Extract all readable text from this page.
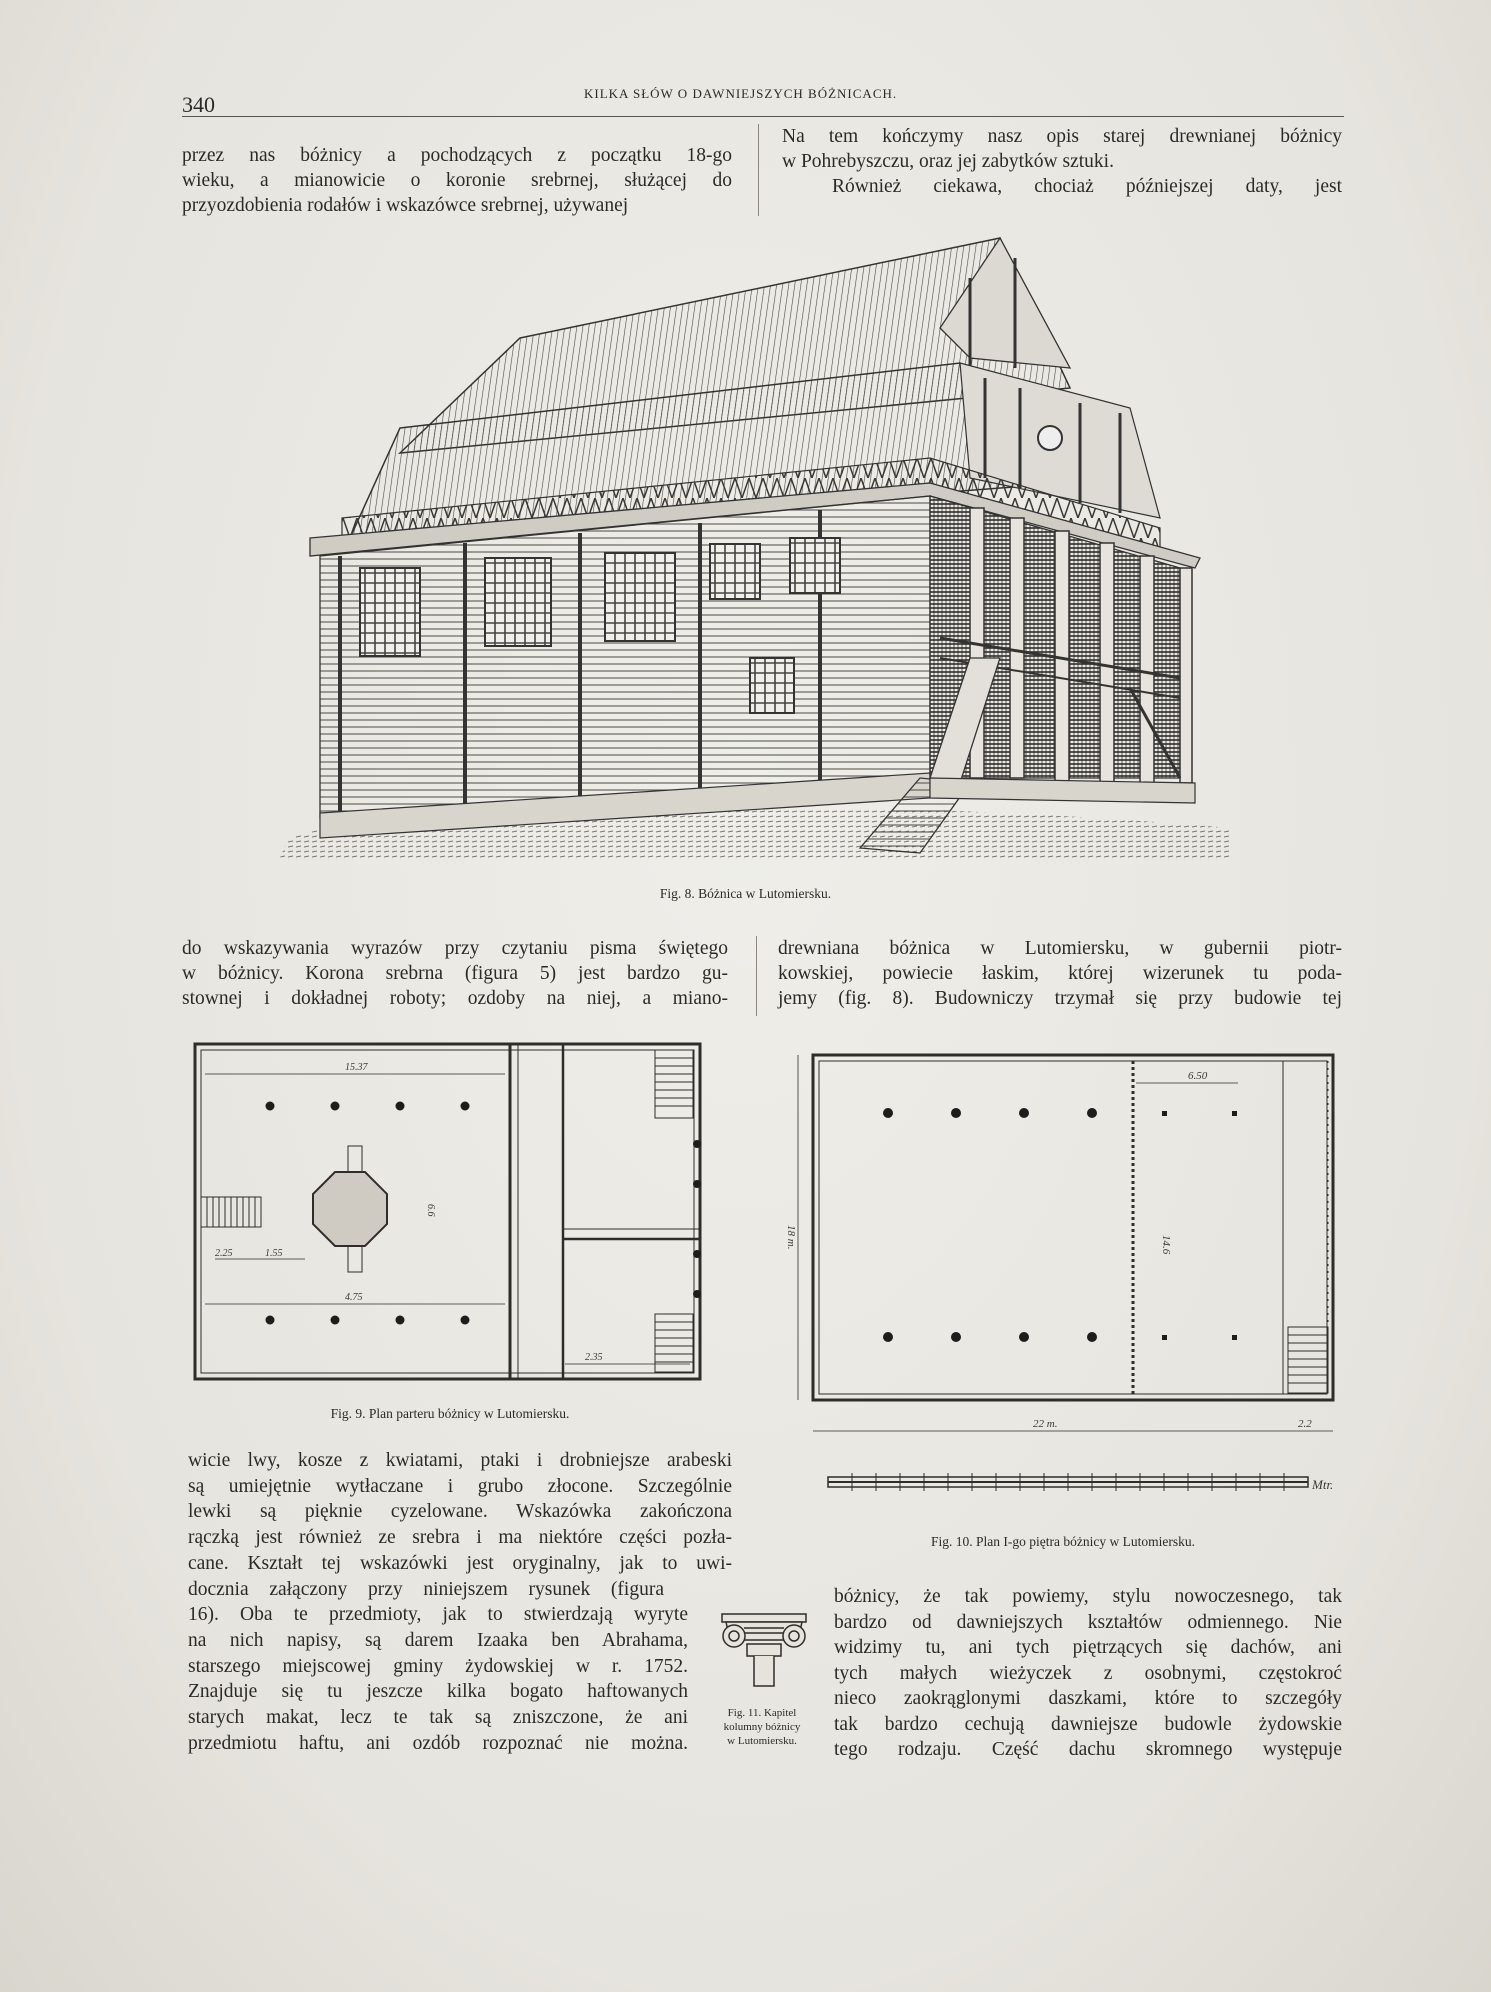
340	KILKA SŁÓW O DAWNIEJSZYCH BÓŻNICACH.
przez nas bóżnicy a pochodzących z początku 18-go
wieku, a mianowicie o koronie srebrnej, służącej do
przyozdobienia rodałów i wskazówce srebrnej, używanej
Na tem kończymy nasz opis starej drewnianej bóżnicy
w Pohrebyszczu, oraz jej zabytków sztuki.
Również ciekawa, chociaż późniejszej daty, jest
Fig. 8. Bóżnica w Lutomiersku.
do wskazywania wyrazów przy czytaniu pisma świętego
w bóżnicy. Korona srebrna (figura 5) jest bardzo gu-
stownej i dokładnej roboty; ozdoby na niej, a miano-
drewniana bóżnica w Lutomiersku, w gubernii piotr-
kowskiej, powiecie łaskim, której wizerunek tu poda-
jemy (fig. 8). Budowniczy trzymał się przy budowie tej
15.37
6.6
4.75
2.35
2.25	1.55
Fig. 9. Plan parteru bóżnicy w Lutomiersku.
18 m.
6.50
14.6
22 m.	2.2
Mtr.
Fig. 10. Plan I-go piętra bóżnicy w Lutomiersku.
wicie lwy, kosze z kwiatami, ptaki i drobniejsze arabeski
są umiejętnie wytłaczane i grubo złocone. Szczególnie
lewki są pięknie cyzelowane. Wskazówka zakończona
rączką jest również ze srebra i ma niektóre części pozła-
cane. Kształt tej wskazówki jest oryginalny, jak to uwi-
docznia załączony przy niniejszem rysunek (figura
16). Oba te przedmioty, jak to stwierdzają wyryte
na nich napisy, są darem Izaaka ben Abrahama,
starszego miejscowej gminy żydowskiej w r. 1752.
Znajduje się tu jeszcze kilka bogato haftowanych
starych makat, lecz te tak są zniszczone, że ani
przedmiotu haftu, ani ozdób rozpoznać nie można.
Fig. 11. Kapitel
kolumny bóżnicy
w Lutomiersku.
bóżnicy, że tak powiemy, stylu nowoczesnego, tak
bardzo od dawniejszych kształtów odmiennego. Nie
widzimy tu, ani tych piętrzących się dachów, ani
tych małych wieżyczek z osobnymi, częstokroć
nieco zaokrąglonymi daszkami, które to szczegóły
tak bardzo cechują dawniejsze budowle żydowskie
tego rodzaju. Część dachu skromnego występuje
